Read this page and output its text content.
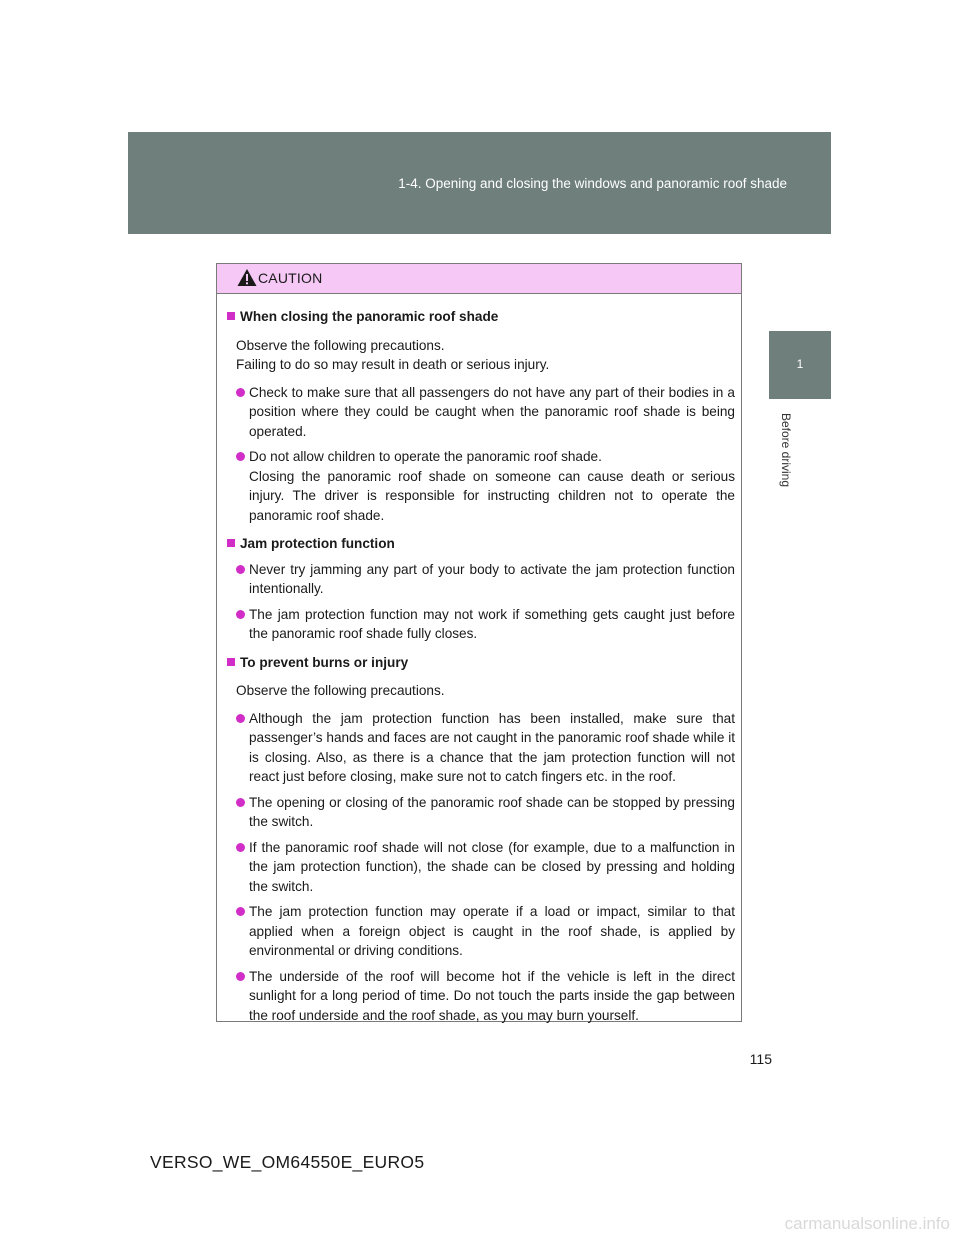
1-4. Opening and closing the windows and panoramic roof shade
1
Before driving
CAUTION
When closing the panoramic roof shade
Observe the following precautions.
Failing to do so may result in death or serious injury.
Check to make sure that all passengers do not have any part of their bodies in a position where they could be caught when the panoramic roof shade is being operated.
Do not allow children to operate the panoramic roof shade.
Closing the panoramic roof shade on someone can cause death or serious injury. The driver is responsible for instructing children not to operate the panoramic roof shade.
Jam protection function
Never try jamming any part of your body to activate the jam protection function intentionally.
The jam protection function may not work if something gets caught just before the panoramic roof shade fully closes.
To prevent burns or injury
Observe the following precautions.
Although the jam protection function has been installed, make sure that passenger’s hands and faces are not caught in the panoramic roof shade while it is closing. Also, as there is a chance that the jam protection function will not react just before closing, make sure not to catch fingers etc. in the roof.
The opening or closing of the panoramic roof shade can be stopped by pressing the switch.
If the panoramic roof shade will not close (for example, due to a malfunction in the jam protection function), the shade can be closed by pressing and holding the switch.
The jam protection function may operate if a load or impact, similar to that applied when a foreign object is caught in the roof shade, is applied by environmental or driving conditions.
The underside of the roof will become hot if the vehicle is left in the direct sunlight for a long period of time. Do not touch the parts inside the gap between the roof underside and the roof shade, as you may burn yourself.
115
VERSO_WE_OM64550E_EURO5
carmanualsonline.info
